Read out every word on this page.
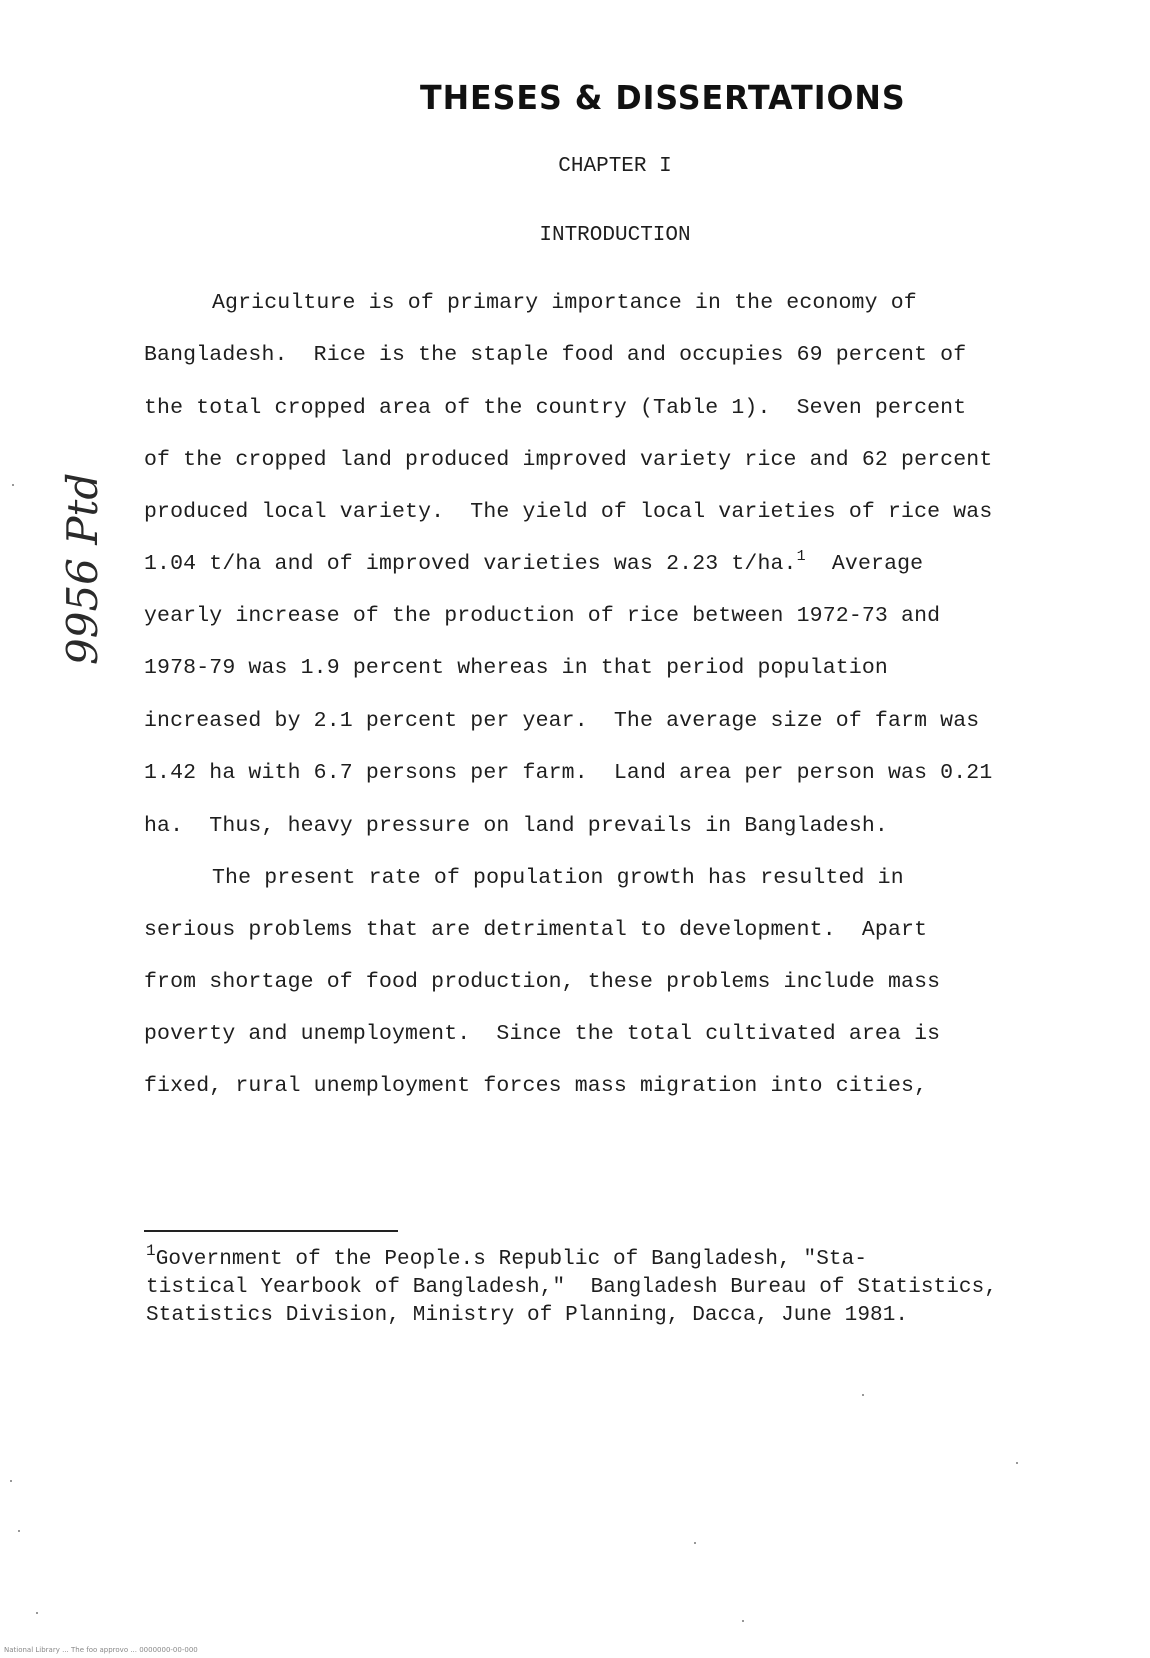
THESES & DISSERTATIONS
CHAPTER I
INTRODUCTION
Agriculture is of primary importance in the economy of
Bangladesh.  Rice is the staple food and occupies 69 percent of
the total cropped area of the country (Table 1).  Seven percent
of the cropped land produced improved variety rice and 62 percent
produced local variety.  The yield of local varieties of rice was
1.04 t/ha and of improved varieties was 2.23 t/ha.$^1$  Average
yearly increase of the production of rice between 1972-73 and
1978-79 was 1.9 percent whereas in that period population
increased by 2.1 percent per year.  The average size of farm was
1.42 ha with 6.7 persons per farm.  Land area per person was 0.21
ha.  Thus, heavy pressure on land prevails in Bangladesh.
The present rate of population growth has resulted in
serious problems that are detrimental to development.  Apart
from shortage of food production, these problems include mass
poverty and unemployment.  Since the total cultivated area is
fixed, rural unemployment forces mass migration into cities,
$^1$Government of the People.s Republic of Bangladesh, "Sta-
tistical Yearbook of Bangladesh,"  Bangladesh Bureau of Statistics,
Statistics Division, Ministry of Planning, Dacca, June 1981.
9956 Ptd
National Library ... The foo approvo ... 0000000-00-000
